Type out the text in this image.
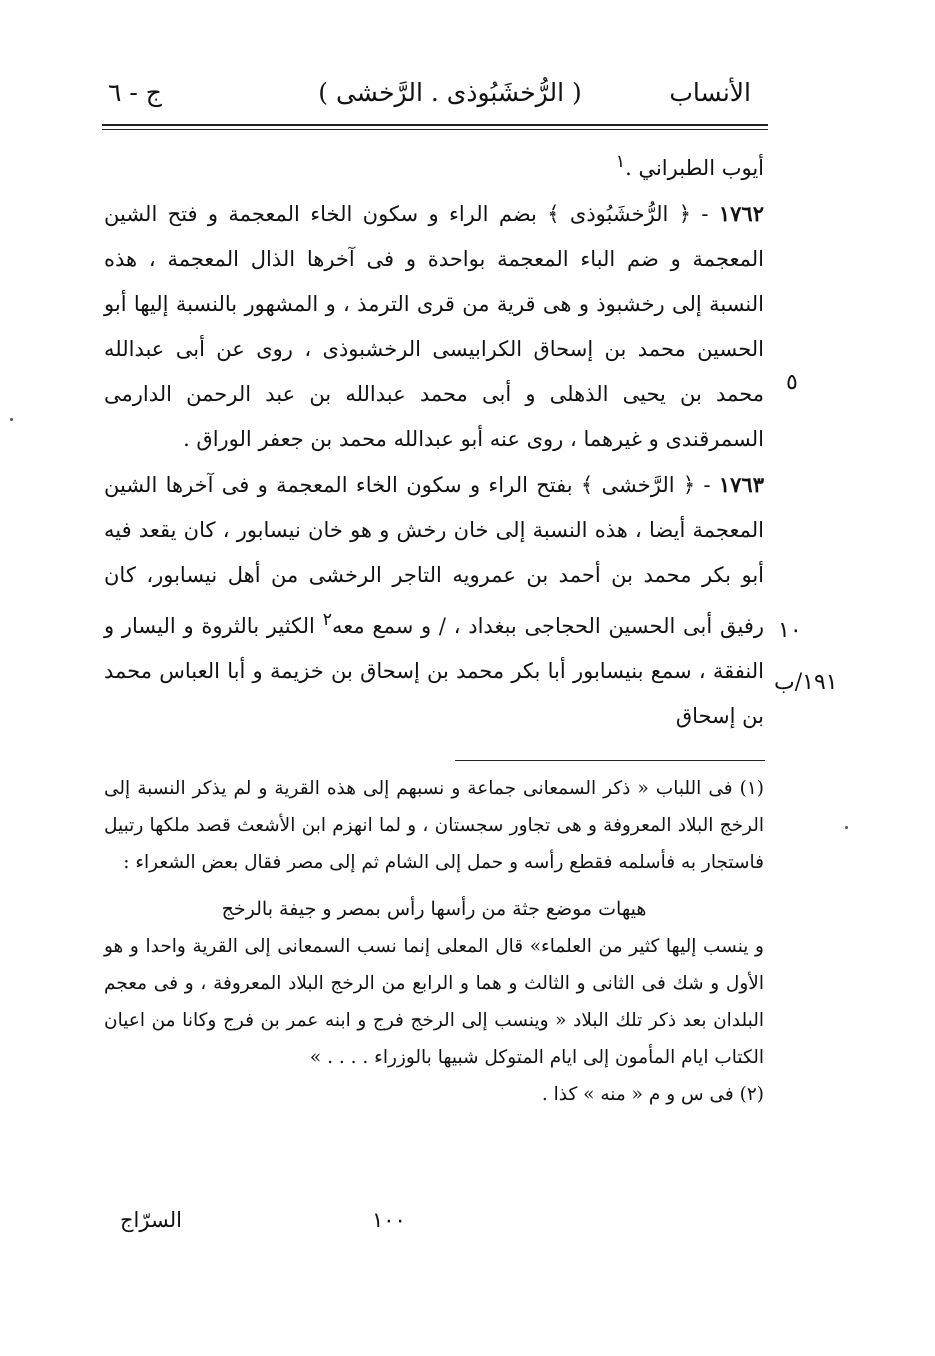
الأنساب
( الرُّخشَبُوذى . الرَّخشى )
ج - ٦

أيوب الطبراني .$^١$

١٧٦٢ - ﴿ الرُّخشَبُوذى ﴾ بضم الراء و سكون الخاء المعجمة و فتح الشين المعجمة و ضم الباء المعجمة بواحدة و فى آخرها الذال المعجمة ، هذه النسبة إلى رخشبوذ و هى قرية من قرى الترمذ ، و المشهور بالنسبة إليها أبو الحسين محمد بن إسحاق الكرابيسى الرخشبوذى ، روى عن أبى عبدالله محمد بن يحيى الذهلى و أبى محمد عبدالله بن عبد الرحمن الدارمى السمرقندى و غيرهما ، روى عنه أبو عبدالله محمد بن جعفر الوراق .

١٧٦٣ - ﴿ الرَّخشى ﴾ بفتح الراء و سكون الخاء المعجمة و فى آخرها الشين المعجمة أيضا ، هذه النسبة إلى خان رخش و هو خان نيسابور ، كان يقعد فيه أبو بكر محمد بن أحمد بن عمرويه التاجر الرخشى من أهل نيسابور، كان رفيق أبى الحسين الحجاجى ببغداد ، / و سمع معه$^٢$ الكثير بالثروة و اليسار و النفقة ، سمع بنيسابور أبا بكر محمد بن إسحاق بن خزيمة و أبا العباس محمد بن إسحاق

٥
١٠
١٩١/ب

(١) فى اللباب « ذكر السمعانى جماعة و نسبهم إلى هذه القرية و لم يذكر النسبة إلى الرخج البلاد المعروفة و هى تجاور سجستان ، و لما انهزم ابن الأشعث قصد ملكها رتبيل فاستجار به فأسلمه فقطع رأسه و حمل إلى الشام ثم إلى مصر فقال بعض الشعراء :

هيهات موضع جثة من رأسها رأس بمصر و جيفة بالرخج

و ينسب إليها كثير من العلماء» قال المعلى إنما نسب السمعانى إلى القرية واحدا و هو الأول و شك فى الثانى و الثالث و هما و الرابع من الرخج البلاد المعروفة ، و فى معجم البلدان بعد ذكر تلك البلاد « وينسب إلى الرخج فرج و ابنه عمر بن فرج وكانا من اعيان الكتاب ايام المأمون إلى ايام المتوكل شبيها بالوزراء . . . . »

(٢) فى س و م « منه » كذا .

١٠٠
السرّاج
